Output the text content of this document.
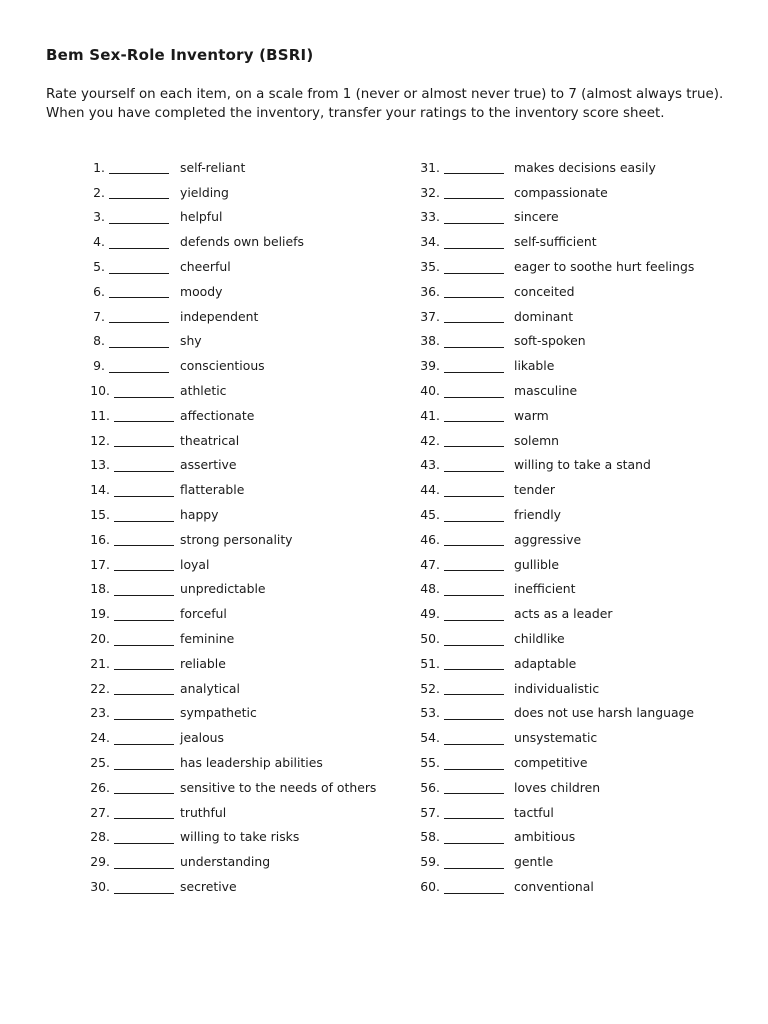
Bem Sex-Role Inventory (BSRI)

Rate yourself on each item, on a scale from 1 (never or almost never true) to 7 (almost always true). When you have completed the inventory, transfer your ratings to the inventory score sheet.

1.	self-reliant
2.	yielding
3.	helpful
4.	defends own beliefs
5.	cheerful
6.	moody
7.	independent
8.	shy
9.	conscientious
10.	athletic
11.	affectionate
12.	theatrical
13.	assertive
14.	flatterable
15.	happy
16.	strong personality
17.	loyal
18.	unpredictable
19.	forceful
20.	feminine
21.	reliable
22.	analytical
23.	sympathetic
24.	jealous
25.	has leadership abilities
26.	sensitive to the needs of others
27.	truthful
28.	willing to take risks
29.	understanding
30.	secretive
31.	makes decisions easily
32.	compassionate
33.	sincere
34.	self-sufficient
35.	eager to soothe hurt feelings
36.	conceited
37.	dominant
38.	soft-spoken
39.	likable
40.	masculine
41.	warm
42.	solemn
43.	willing to take a stand
44.	tender
45.	friendly
46.	aggressive
47.	gullible
48.	inefficient
49.	acts as a leader
50.	childlike
51.	adaptable
52.	individualistic
53.	does not use harsh language
54.	unsystematic
55.	competitive
56.	loves children
57.	tactful
58.	ambitious
59.	gentle
60.	conventional
